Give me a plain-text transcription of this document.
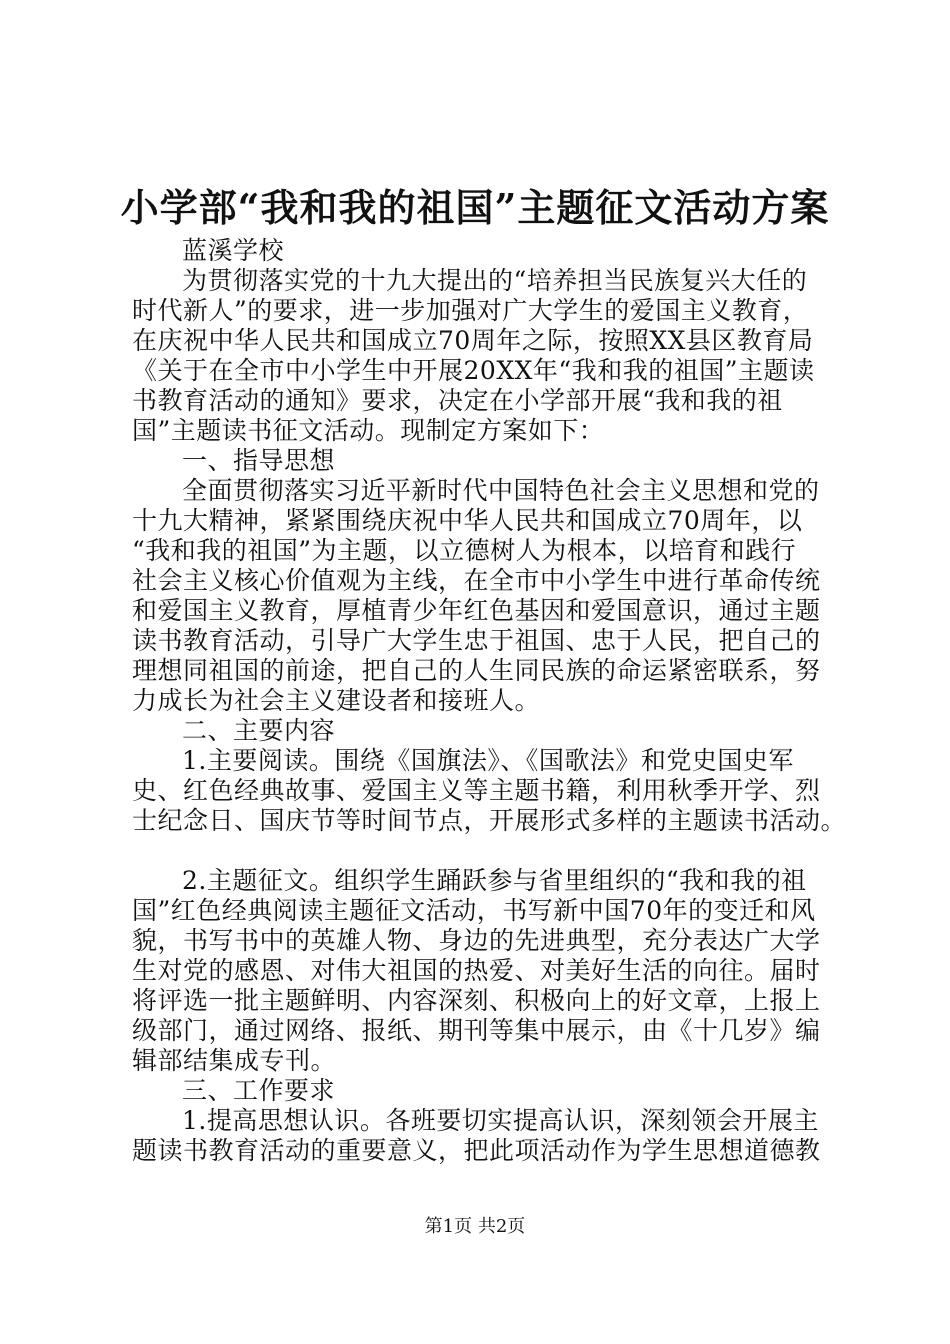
小学部“我和我的祖国”主题征文活动方案
蓝溪学校
为贯彻落实党的十九大提出的“培养担当民族复兴大任的
时代新人”的要求，进一步加强对广大学生的爱国主义教育，
在庆祝中华人民共和国成立70周年之际，按照XX县区教育局
《关于在全市中小学生中开展20XX年“我和我的祖国”主题读
书教育活动的通知》要求，决定在小学部开展“我和我的祖
国”主题读书征文活动。现制定方案如下：
一、指导思想
全面贯彻落实习近平新时代中国特色社会主义思想和党的
十九大精神，紧紧围绕庆祝中华人民共和国成立70周年，以
“我和我的祖国”为主题，以立德树人为根本，以培育和践行
社会主义核心价值观为主线，在全市中小学生中进行革命传统
和爱国主义教育，厚植青少年红色基因和爱国意识，通过主题
读书教育活动，引导广大学生忠于祖国、忠于人民，把自己的
理想同祖国的前途，把自己的人生同民族的命运紧密联系，努
力成长为社会主义建设者和接班人。
二、主要内容
1.主要阅读。围绕《国旗法》、《国歌法》和党史国史军
史、红色经典故事、爱国主义等主题书籍，利用秋季开学、烈
士纪念日、国庆节等时间节点，开展形式多样的主题读书活动。
2.主题征文。组织学生踊跃参与省里组织的“我和我的祖
国”红色经典阅读主题征文活动，书写新中国70年的变迁和风
貌，书写书中的英雄人物、身边的先进典型，充分表达广大学
生对党的感恩、对伟大祖国的热爱、对美好生活的向往。届时
将评选一批主题鲜明、内容深刻、积极向上的好文章，上报上
级部门，通过网络、报纸、期刊等集中展示，由《十几岁》编
辑部结集成专刊。
三、工作要求
1.提高思想认识。各班要切实提高认识，深刻领会开展主
题读书教育活动的重要意义，把此项活动作为学生思想道德教
第1页 共2页
